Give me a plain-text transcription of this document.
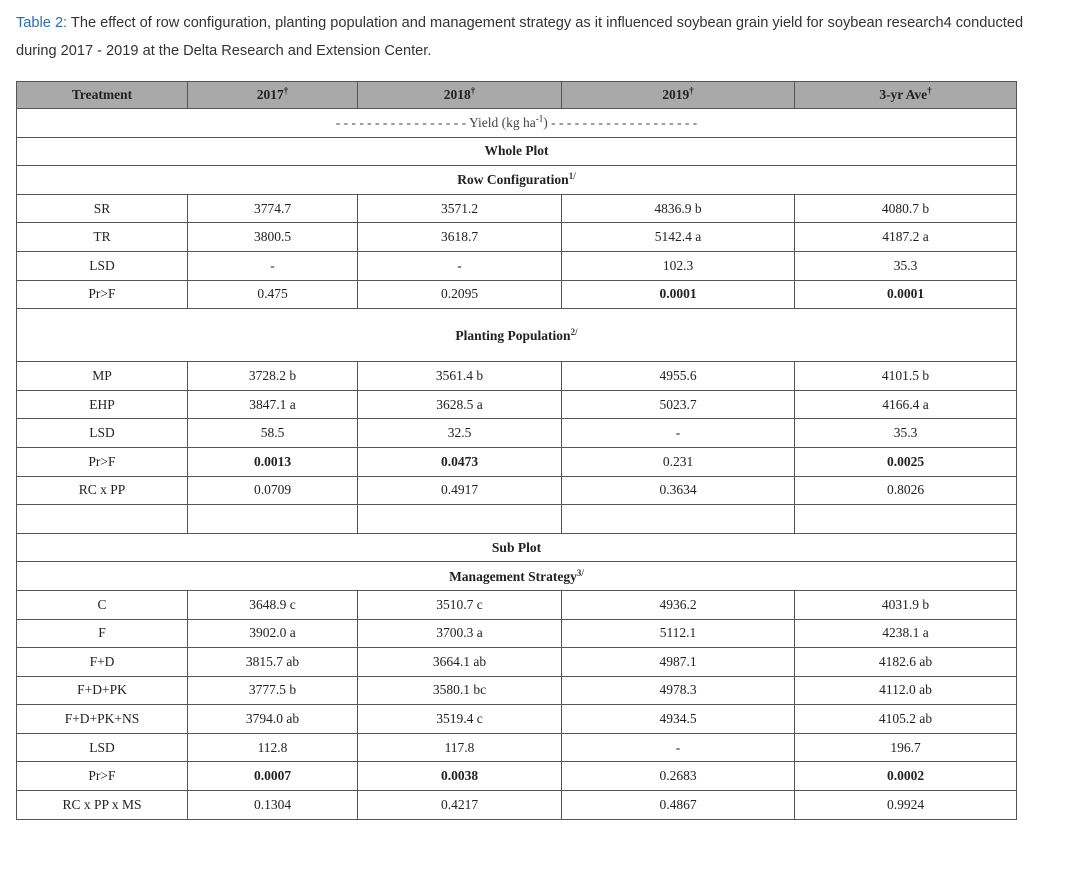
Table 2: The effect of row configuration, planting population and management strategy as it influenced soybean grain yield for soybean research4 conducted during 2017 - 2019 at the Delta Research and Extension Center.
Treatment	2017†	2018†	2019†	3-yr Ave†
- - - - - - - - - - - - - - - - - Yield (kg $ha^{-1}$) - - - - - - - - - - - - - - - - - - -				
Whole Plot				
Row Configuration$^{1/}$
SR	3774.7	3571.2	4836.9 b	4080.7 b
TR	3800.5	3618.7	5142.4 a	4187.2 a
LSD	-	-	102.3	35.3
Pr>F	0.475	0.2095	0.0001	0.0001
Planting Population$^{2/}$
MP	3728.2 b	3561.4 b	4955.6	4101.5 b
EHP	3847.1 a	3628.5 a	5023.7	4166.4 a
LSD	58.5	32.5	-	35.3
Pr>F	0.0013	0.0473	0.231	0.0025
RC x PP	0.0709	0.4917	0.3634	0.8026

Sub Plot				
Management Strategy$^{3/}$
C	3648.9 c	3510.7 c	4936.2	4031.9 b
F	3902.0 a	3700.3 a	5112.1	4238.1 a
F+D	3815.7 ab	3664.1 ab	4987.1	4182.6 ab
F+D+PK	3777.5 b	3580.1 bc	4978.3	4112.0 ab
F+D+PK+NS	3794.0 ab	3519.4 c	4934.5	4105.2 ab
LSD	112.8	117.8	-	196.7
Pr>F	0.0007	0.0038	0.2683	0.0002
RC x PP x MS	0.1304	0.4217	0.4867	0.9924
